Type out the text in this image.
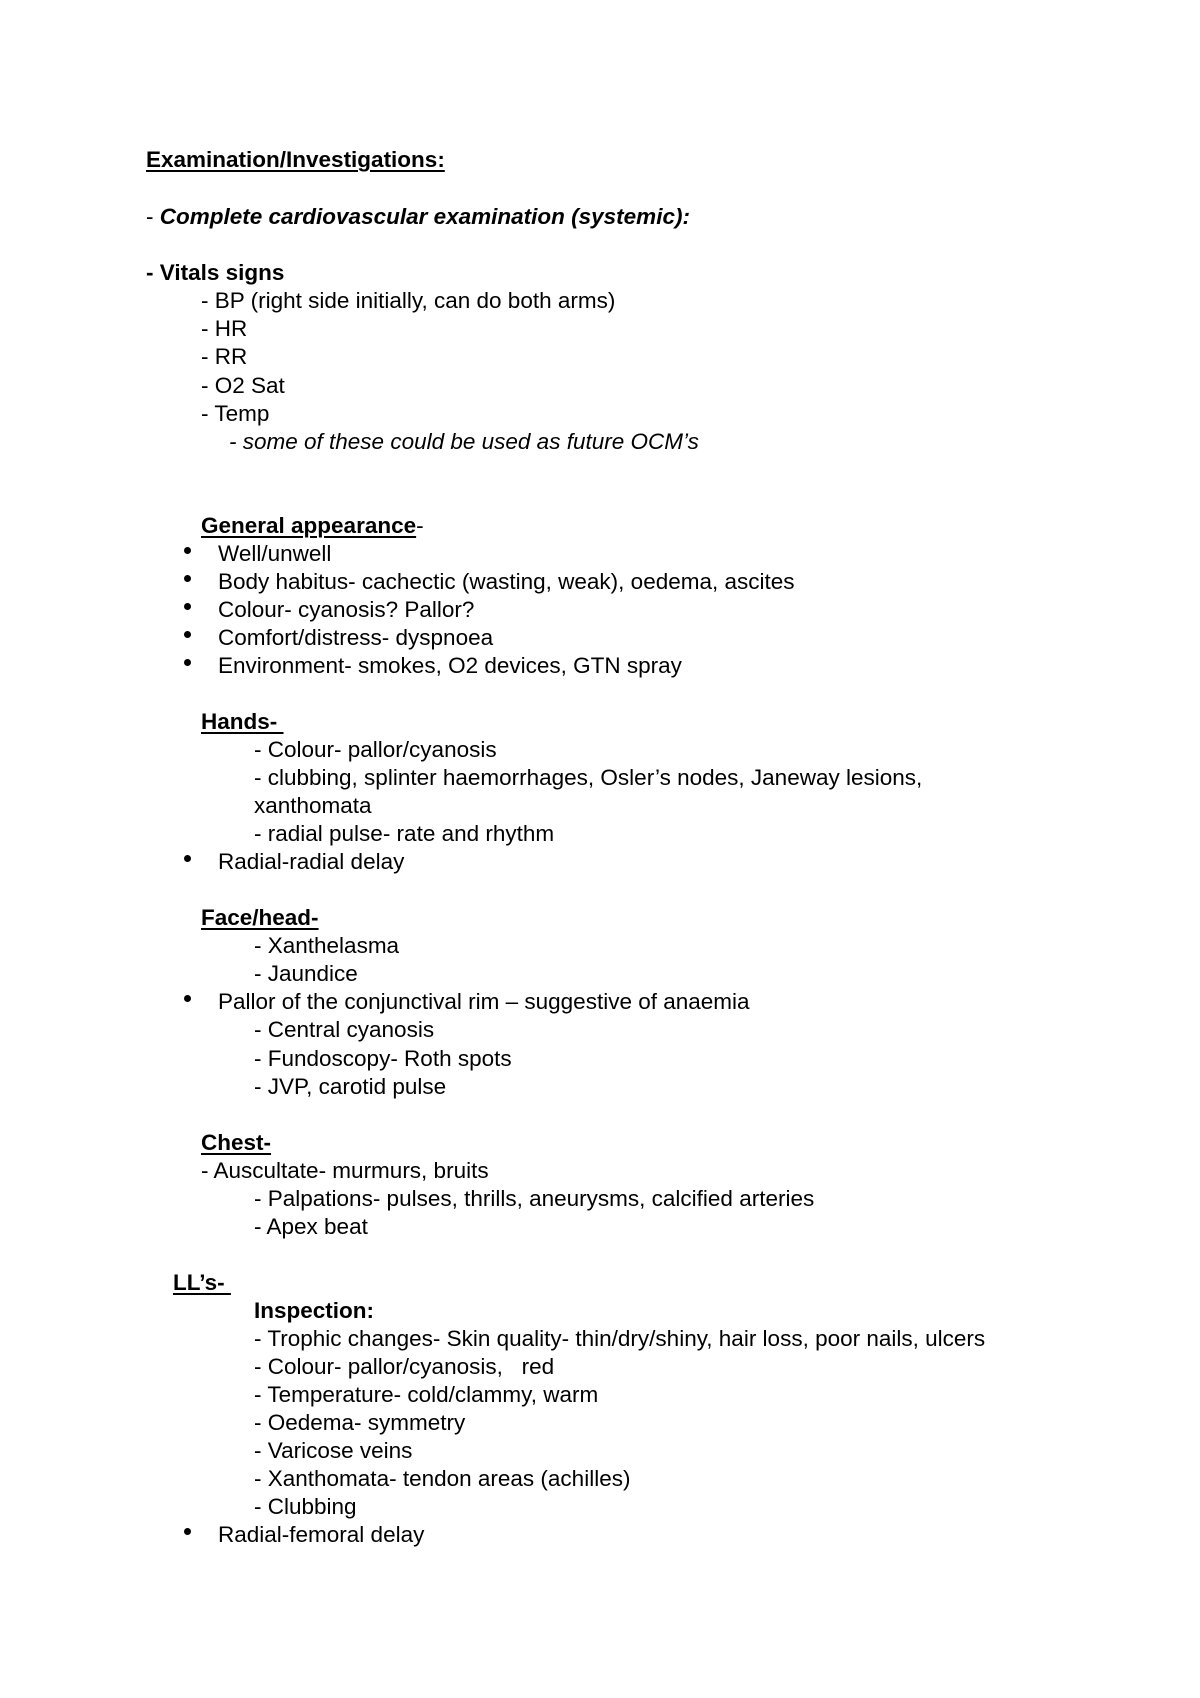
Examination/Investigations:
- Complete cardiovascular examination (systemic):
- Vitals signs
- BP (right side initially, can do both arms)
- HR
- RR
- O2 Sat
- Temp
- some of these could be used as future OCM’s
General appearance-
Well/unwell
Body habitus- cachectic (wasting, weak), oedema, ascites
Colour- cyanosis? Pallor?
Comfort/distress- dyspnoea
Environment- smokes, O2 devices, GTN spray
Hands-
- Colour- pallor/cyanosis
- clubbing, splinter haemorrhages, Osler’s nodes, Janeway lesions,
xanthomata
- radial pulse- rate and rhythm
Radial-radial delay
Face/head-
- Xanthelasma
- Jaundice
Pallor of the conjunctival rim – suggestive of anaemia
- Central cyanosis
- Fundoscopy- Roth spots
- JVP, carotid pulse
Chest-
- Auscultate- murmurs, bruits
- Palpations- pulses, thrills, aneurysms, calcified arteries
- Apex beat
LL’s-
Inspection:
- Trophic changes- Skin quality- thin/dry/shiny, hair loss, poor nails, ulcers
- Colour- pallor/cyanosis,   red
- Temperature- cold/clammy, warm
- Oedema- symmetry
- Varicose veins
- Xanthomata- tendon areas (achilles)
- Clubbing
Radial-femoral delay
